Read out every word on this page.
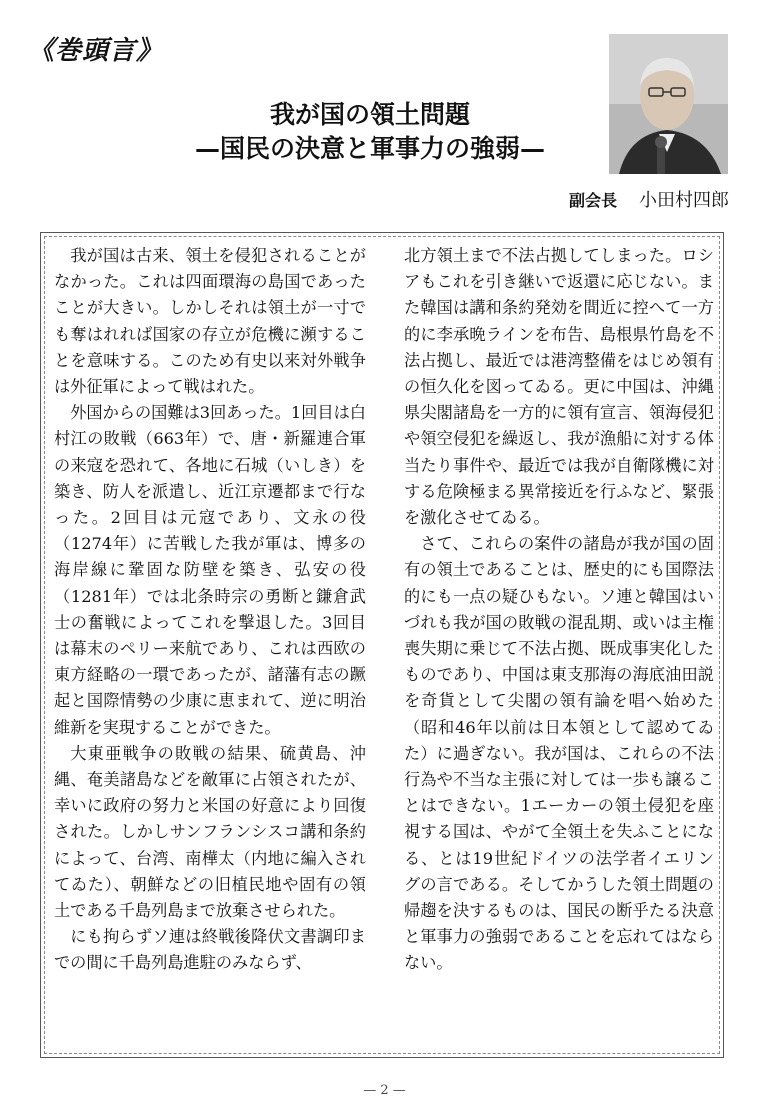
《巻頭言》
我が国の領土問題
—国民の決意と軍事力の強弱—
副会長 小田村四郎

我が国は古来、領土を侵犯されることがなかった。これは四面環海の島国であったことが大きい。しかしそれは領土が一寸でも奪はれれば国家の存立が危機に瀕することを意味する。このため有史以来対外戦争は外征軍によって戦はれた。

外国からの国難は3回あった。1回目は白村江の敗戦（663年）で、唐・新羅連合軍の来寇を恐れて、各地に石城（いしき）を築き、防人を派遣し、近江京遷都まで行なった。2回目は元寇であり、文永の役（1274年）に苦戦した我が軍は、博多の海岸線に鞏固な防壁を築き、弘安の役（1281年）では北条時宗の勇断と鎌倉武士の奮戦によってこれを撃退した。3回目は幕末のペリー来航であり、これは西欧の東方経略の一環であったが、諸藩有志の蹶起と国際情勢の少康に恵まれて、逆に明治維新を実現することができた。

大東亜戦争の敗戦の結果、硫黄島、沖縄、奄美諸島などを敵軍に占領されたが、幸いに政府の努力と米国の好意により回復された。しかしサンフランシスコ講和条約によって、台湾、南樺太（内地に編入されてゐた）、朝鮮などの旧植民地や固有の領土である千島列島まで放棄させられた。

にも拘らずソ連は終戦後降伏文書調印までの間に千島列島進駐のみならず、

北方領土まで不法占拠してしまった。ロシアもこれを引き継いで返還に応じない。また韓国は講和条約発効を間近に控へて一方的に李承晩ラインを布告、島根県竹島を不法占拠し、最近では港湾整備をはじめ領有の恒久化を図ってゐる。更に中国は、沖縄県尖閣諸島を一方的に領有宣言、領海侵犯や領空侵犯を繰返し、我が漁船に対する体当たり事件や、最近では我が自衛隊機に対する危険極まる異常接近を行ふなど、緊張を激化させてゐる。

さて、これらの案件の諸島が我が国の固有の領土であることは、歴史的にも国際法的にも一点の疑ひもない。ソ連と韓国はいづれも我が国の敗戦の混乱期、或いは主権喪失期に乗じて不法占拠、既成事実化したものであり、中国は東支那海の海底油田説を奇貨として尖閣の領有論を唱へ始めた（昭和46年以前は日本領として認めてゐた）に過ぎない。我が国は、これらの不法行為や不当な主張に対しては一歩も譲ることはできない。1エーカーの領土侵犯を座視する国は、やがて全領土を失ふことになる、とは19世紀ドイツの法学者イエリングの言である。そしてかうした領土問題の帰趨を決するものは、国民の断乎たる決意と軍事力の強弱であることを忘れてはならない。

— 2 —
